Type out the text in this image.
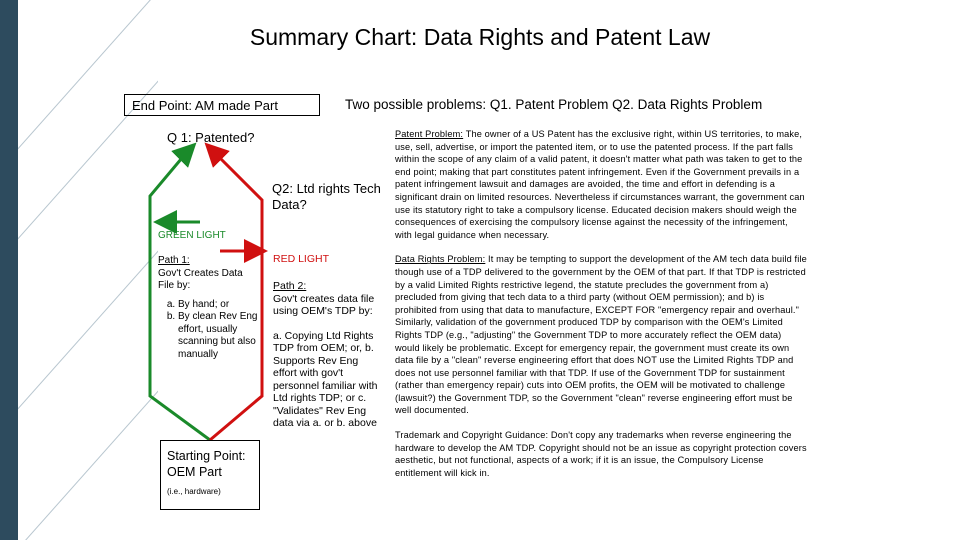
Summary Chart: Data Rights and Patent Law
End Point: AM made Part	Two possible problems: Q1. Patent Problem Q2. Data Rights Problem
Q 1: Patented?
Q2: Ltd rights Tech Data?
GREEN LIGHT
RED LIGHT
Path 1:
Gov't Creates Data File by:
a. By hand; or
b. By clean Rev Eng effort, usually scanning but also manually
Path 2:
Gov't creates data file using OEM's TDP by:
a. Copying Ltd Rights TDP from OEM; or, b. Supports Rev Eng effort with gov't personnel familiar with Ltd rights TDP; or c. "Validates" Rev Eng data via a. or b. above
Starting Point: OEM Part
(i.e., hardware)

Patent Problem: The owner of a US Patent has the exclusive right, within US territories, to make, use, sell, advertise, or import the patented item, or to use the patented process. If the part falls within the scope of any claim of a valid patent, it doesn't matter what path was taken to get to the end point; making that part constitutes patent infringement. Even if the Government prevails in a patent infringement lawsuit and damages are avoided, the time and effort in defending is a significant drain on limited resources. Nevertheless if circumstances warrant, the government can use its statutory right to take a compulsory license. Educated decision makers should weigh the consequences of exercising the compulsory license against the necessity of the infringement, with legal guidance when necessary.

Data Rights Problem: It may be tempting to support the development of the AM tech data build file though use of a TDP delivered to the government by the OEM of that part. If that TDP is restricted by a valid Limited Rights restrictive legend, the statute precludes the government from a) precluded from giving that tech data to a third party (without OEM permission); and b) is prohibited from using that data to manufacture, EXCEPT FOR "emergency repair and overhaul." Similarly, validation of the government produced TDP by comparison with the OEM's Limited Rights TDP (e.g., "adjusting" the Government TDP to more accurately reflect the OEM data) would likely be problematic. Except for emergency repair, the government must create its own data file by a "clean" reverse engineering effort that does NOT use the Limited Rights TDP and does not use personnel familiar with that TDP. If use of the Government TDP for sustainment (rather than emergency repair) cuts into OEM profits, the OEM will be motivated to challenge (lawsuit?) the Government TDP, so the Government "clean" reverse engineering effort must be well documented.

Trademark and Copyright Guidance: Don't copy any trademarks when reverse engineering the hardware to develop the AM TDP. Copyright should not be an issue as copyright protection covers aesthetic, but not functional, aspects of a work; if it is an issue, the Compulsory License entitlement will kick in.
